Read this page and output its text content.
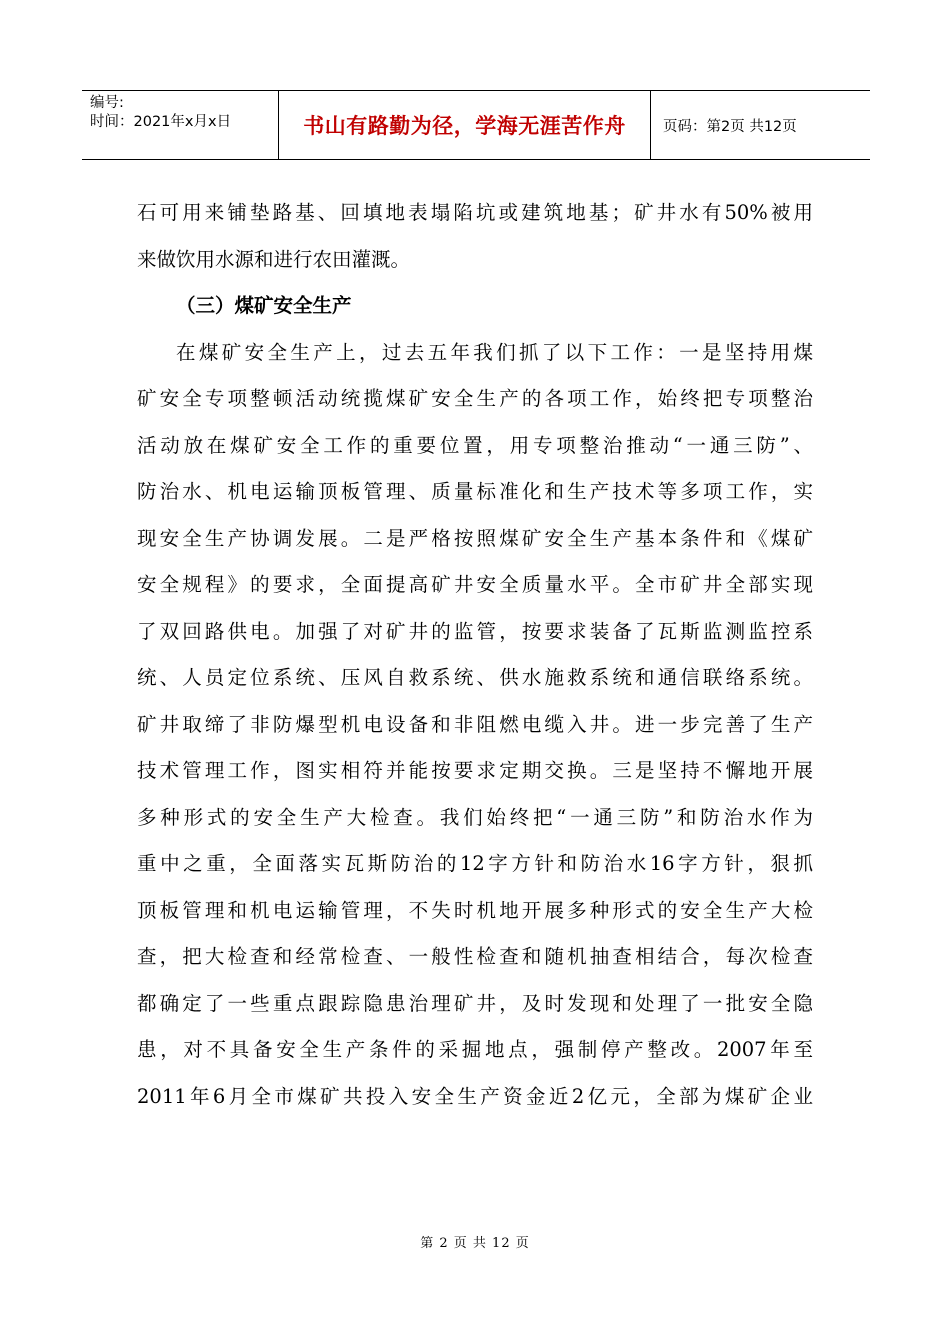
编号:
时间：2021年x月x日	书山有路勤为径，学海无涯苦作舟	页码：第2页 共12页
石可用来铺垫路基、回填地表塌陷坑或建筑地基；矿井水有50%被用
来做饮用水源和进行农田灌溉。
（三）煤矿安全生产
在煤矿安全生产上，过去五年我们抓了以下工作：一是坚持用煤
矿安全专项整顿活动统揽煤矿安全生产的各项工作，始终把专项整治
活动放在煤矿安全工作的重要位置，用专项整治推动“一通三防”、
防治水、机电运输顶板管理、质量标准化和生产技术等多项工作，实
现安全生产协调发展。二是严格按照煤矿安全生产基本条件和《煤矿
安全规程》的要求，全面提高矿井安全质量水平。全市矿井全部实现
了双回路供电。加强了对矿井的监管，按要求装备了瓦斯监测监控系
统、人员定位系统、压风自救系统、供水施救系统和通信联络系统。
矿井取缔了非防爆型机电设备和非阻燃电缆入井。进一步完善了生产
技术管理工作，图实相符并能按要求定期交换。三是坚持不懈地开展
多种形式的安全生产大检查。我们始终把“一通三防”和防治水作为
重中之重，全面落实瓦斯防治的12字方针和防治水16字方针，狠抓
顶板管理和机电运输管理，不失时机地开展多种形式的安全生产大检
查，把大检查和经常检查、一般性检查和随机抽查相结合，每次检查
都确定了一些重点跟踪隐患治理矿井，及时发现和处理了一批安全隐
患，对不具备安全生产条件的采掘地点，强制停产整改。2007年至
2011年6月全市煤矿共投入安全生产资金近2亿元，全部为煤矿企业
第 2 页 共 12 页
